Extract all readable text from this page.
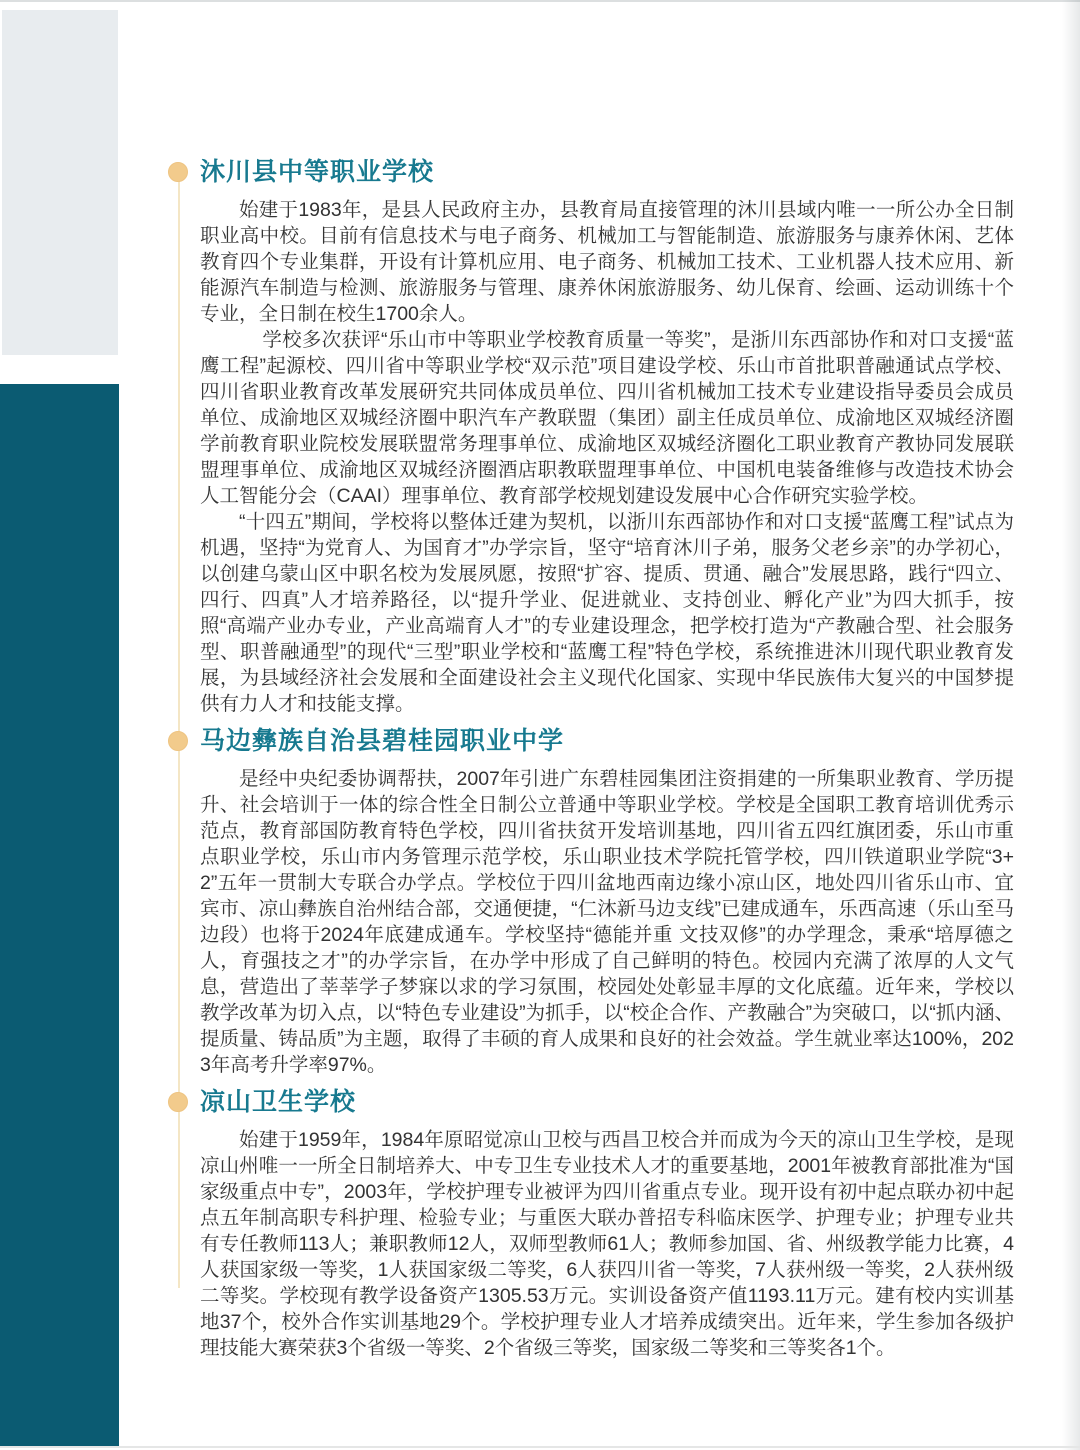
沐川县中等职业学校

始建于1983年，是县人民政府主办，县教育局直接管理的沐川县域内唯一一所公办全日制职业高中校。目前有信息技术与电子商务、机械加工与智能制造、旅游服务与康养休闲、艺体教育四个专业集群，开设有计算机应用、电子商务、机械加工技术、工业机器人技术应用、新能源汽车制造与检测、旅游服务与管理、康养休闲旅游服务、幼儿保育、绘画、运动训练十个专业，全日制在校生1700余人。

学校多次获评“乐山市中等职业学校教育质量一等奖”，是浙川东西部协作和对口支援“蓝鹰工程”起源校、四川省中等职业学校“双示范”项目建设学校、乐山市首批职普融通试点学校、四川省职业教育改革发展研究共同体成员单位、四川省机械加工技术专业建设指导委员会成员单位、成渝地区双城经济圈中职汽车产教联盟（集团）副主任成员单位、成渝地区双城经济圈学前教育职业院校发展联盟常务理事单位、成渝地区双城经济圈化工职业教育产教协同发展联盟理事单位、成渝地区双城经济圈酒店职教联盟理事单位、中国机电装备维修与改造技术协会人工智能分会（CAAI）理事单位、教育部学校规划建设发展中心合作研究实验学校。

“十四五”期间，学校将以整体迁建为契机，以浙川东西部协作和对口支援“蓝鹰工程”试点为机遇，坚持“为党育人、为国育才”办学宗旨，坚守“培育沐川子弟，服务父老乡亲”的办学初心，以创建乌蒙山区中职名校为发展夙愿，按照“扩容、提质、贯通、融合”发展思路，践行“四立、四行、四真”人才培养路径，以“提升学业、促进就业、支持创业、孵化产业”为四大抓手，按照“高端产业办专业，产业高端育人才”的专业建设理念，把学校打造为“产教融合型、社会服务型、职普融通型”的现代“三型”职业学校和“蓝鹰工程”特色学校，系统推进沐川现代职业教育发展，为县域经济社会发展和全面建设社会主义现代化国家、实现中华民族伟大复兴的中国梦提供有力人才和技能支撑。

马边彝族自治县碧桂园职业中学

是经中央纪委协调帮扶，2007年引进广东碧桂园集团注资捐建的一所集职业教育、学历提升、社会培训于一体的综合性全日制公立普通中等职业学校。学校是全国职工教育培训优秀示范点，教育部国防教育特色学校，四川省扶贫开发培训基地，四川省五四红旗团委，乐山市重点职业学校，乐山市内务管理示范学校，乐山职业技术学院托管学校，四川铁道职业学院“3+2”五年一贯制大专联合办学点。学校位于四川盆地西南边缘小凉山区，地处四川省乐山市、宜宾市、凉山彝族自治州结合部，交通便捷，“仁沐新马边支线”已建成通车，乐西高速（乐山至马边段）也将于2024年底建成通车。学校坚持“德能并重 文技双修”的办学理念，秉承“培厚德之人，育强技之才”的办学宗旨，在办学中形成了自己鲜明的特色。校园内充满了浓厚的人文气息，营造出了莘莘学子梦寐以求的学习氛围，校园处处彰显丰厚的文化底蕴。近年来，学校以教学改革为切入点，以“特色专业建设”为抓手，以“校企合作、产教融合”为突破口，以“抓内涵、提质量、铸品质”为主题，取得了丰硕的育人成果和良好的社会效益。学生就业率达100%，2023年高考升学率97%。

凉山卫生学校

始建于1959年，1984年原昭觉凉山卫校与西昌卫校合并而成为今天的凉山卫生学校，是现凉山州唯一一所全日制培养大、中专卫生专业技术人才的重要基地，2001年被教育部批准为“国家级重点中专”，2003年，学校护理专业被评为四川省重点专业。现开设有初中起点联办初中起点五年制高职专科护理、检验专业；与重医大联办普招专科临床医学、护理专业；护理专业共有专任教师113人；兼职教师12人，双师型教师61人；教师参加国、省、州级教学能力比赛，4人获国家级一等奖，1人获国家级二等奖，6人获四川省一等奖，7人获州级一等奖，2人获州级二等奖。学校现有教学设备资产1305.53万元。实训设备资产值1193.11万元。建有校内实训基地37个，校外合作实训基地29个。学校护理专业人才培养成绩突出。近年来，学生参加各级护理技能大赛荣获3个省级一等奖、2个省级三等奖，国家级二等奖和三等奖各1个。
